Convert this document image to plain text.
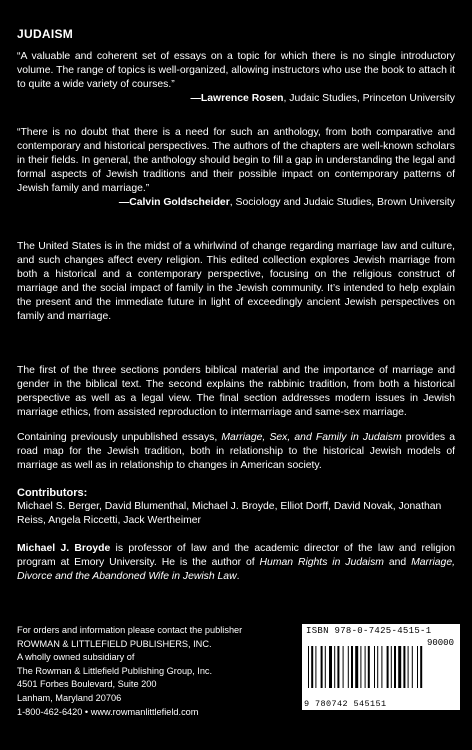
JUDAISM

“A valuable and coherent set of essays on a topic for which there is no single introductory volume. The range of topics is well-organized, allowing instructors who use the book to attach it to quite a wide variety of courses.”

—Lawrence Rosen, Judaic Studies, Princeton University

“There is no doubt that there is a need for such an anthology, from both comparative and contemporary and historical perspectives. The authors of the chapters are well-known scholars in their fields. In general, the anthology should begin to fill a gap in understanding the legal and formal aspects of Jewish traditions and their possible impact on contemporary patterns of Jewish family and marriage.”

—Calvin Goldscheider, Sociology and Judaic Studies, Brown University

The United States is in the midst of a whirlwind of change regarding marriage law and culture, and such changes affect every religion. This edited collection explores Jewish marriage from both a historical and a contemporary perspective, focusing on the religious construct of marriage and the social impact of family in the Jewish community. It’s intended to help explain the present and the immediate future in light of exceedingly ancient Jewish perspectives on family and marriage.

The first of the three sections ponders biblical material and the importance of marriage and gender in the biblical text. The second explains the rabbinic tradition, from both a historical perspective as well as a legal view. The final section addresses modern issues in Jewish marriage ethics, from assisted reproduction to intermarriage and same-sex marriage.

Containing previously unpublished essays, Marriage, Sex, and Family in Judaism provides a road map for the Jewish tradition, both in relationship to the historical Jewish models of marriage as well as in relationship to changes in American society.

Contributors:
Michael S. Berger, David Blumenthal, Michael J. Broyde, Elliot Dorff, David Novak, Jonathan Reiss, Angela Riccetti, Jack Wertheimer
Michael J. Broyde is professor of law and the academic director of the law and religion program at Emory University. He is the author of Human Rights in Judaism and Marriage, Divorce and the Abandoned Wife in Jewish Law.
For orders and information please contact the publisher
ROWMAN & LITTLEFIELD PUBLISHERS, INC.
A wholly owned subsidiary of
The Rowman & Littlefield Publishing Group, Inc.
4501 Forbes Boulevard, Suite 200
Lanham, Maryland 20706
1-800-462-6420 • www.rowmanlittlefield.com
ISBN 978-0-7425-4515-1
90000
9 780742 545151
